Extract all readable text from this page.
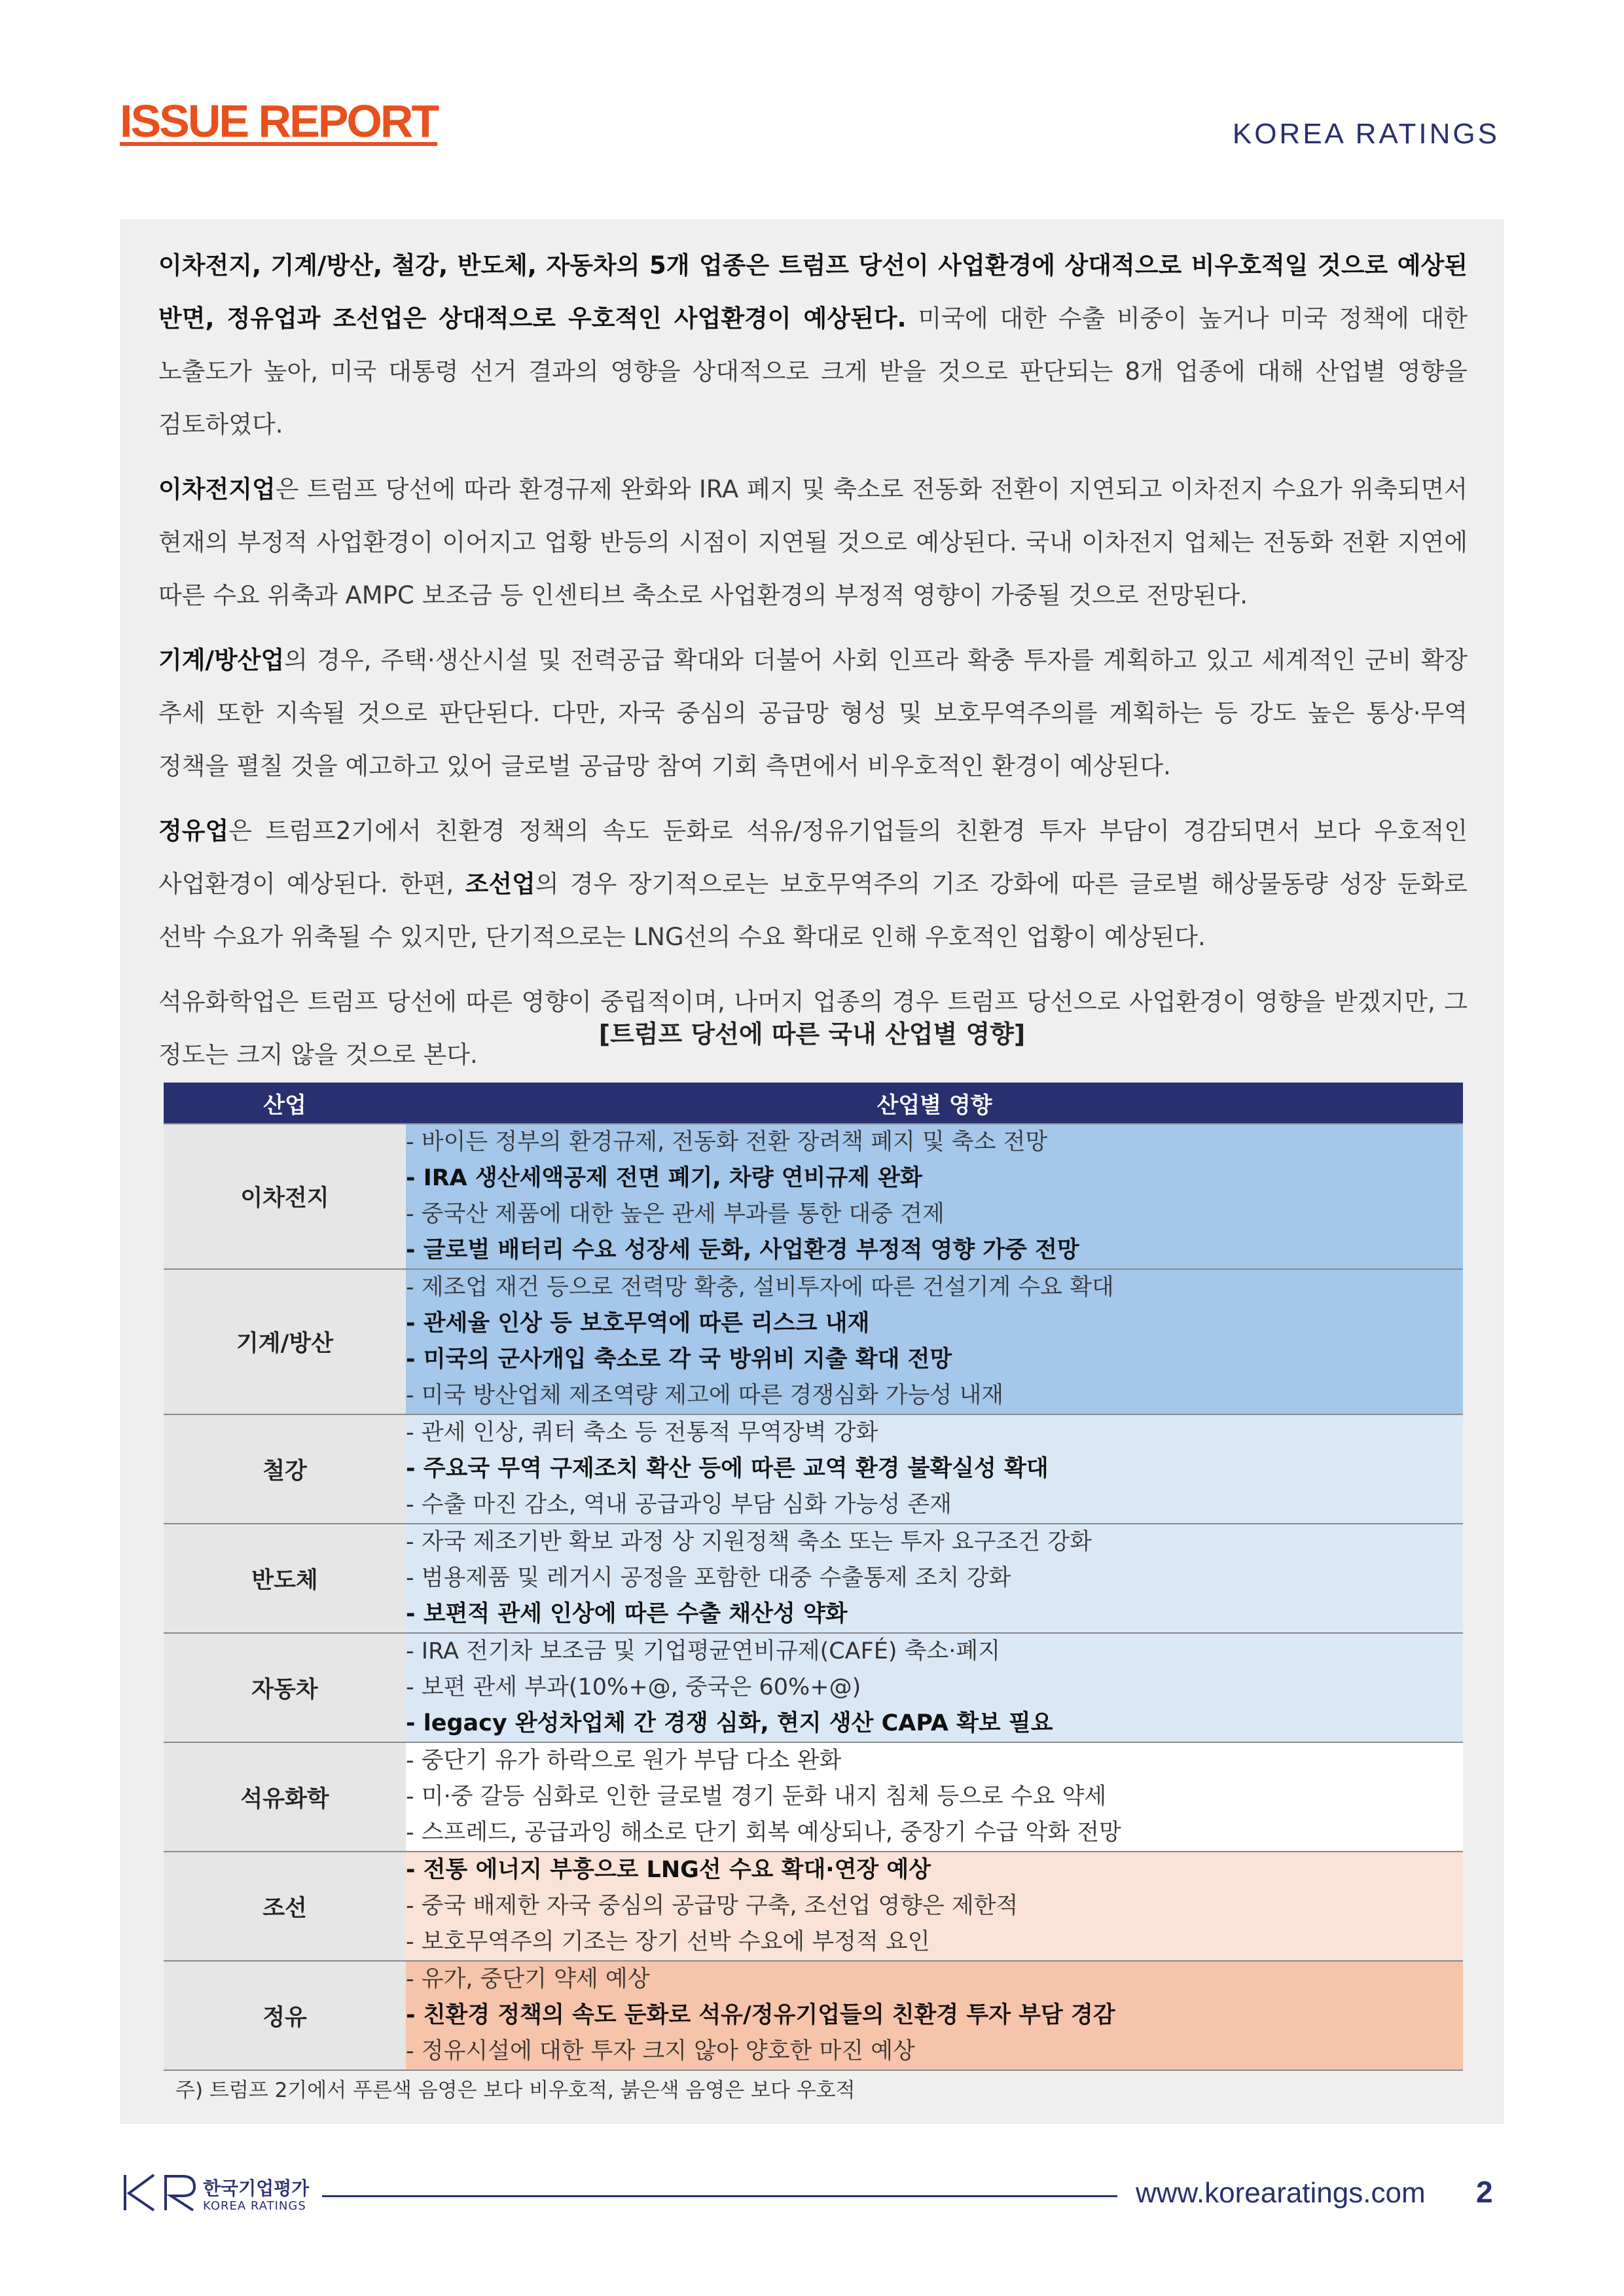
ISSUE REPORT	KOREA RATINGS

이차전지, 기계/방산, 철강, 반도체, 자동차의 5개 업종은 트럼프 당선이 사업환경에 상대적으로 비우호적일 것으로 예상된 반면, 정유업과 조선업은 상대적으로 우호적인 사업환경이 예상된다. 미국에 대한 수출 비중이 높거나 미국 정책에 대한 노출도가 높아, 미국 대통령 선거 결과의 영향을 상대적으로 크게 받을 것으로 판단되는 8개 업종에 대해 산업별 영향을 검토하였다.

이차전지업은 트럼프 당선에 따라 환경규제 완화와 IRA 폐지 및 축소로 전동화 전환이 지연되고 이차전지 수요가 위축되면서 현재의 부정적 사업환경이 이어지고 업황 반등의 시점이 지연될 것으로 예상된다. 국내 이차전지 업체는 전동화 전환 지연에 따른 수요 위축과 AMPC 보조금 등 인센티브 축소로 사업환경의 부정적 영향이 가중될 것으로 전망된다.

기계/방산업의 경우, 주택·생산시설 및 전력공급 확대와 더불어 사회 인프라 확충 투자를 계획하고 있고 세계적인 군비 확장 추세 또한 지속될 것으로 판단된다. 다만, 자국 중심의 공급망 형성 및 보호무역주의를 계획하는 등 강도 높은 통상·무역 정책을 펼칠 것을 예고하고 있어 글로벌 공급망 참여 기회 측면에서 비우호적인 환경이 예상된다.

정유업은 트럼프2기에서 친환경 정책의 속도 둔화로 석유/정유기업들의 친환경 투자 부담이 경감되면서 보다 우호적인 사업환경이 예상된다. 한편, 조선업의 경우 장기적으로는 보호무역주의 기조 강화에 따른 글로벌 해상물동량 성장 둔화로 선박 수요가 위축될 수 있지만, 단기적으로는 LNG선의 수요 확대로 인해 우호적인 업황이 예상된다.

석유화학업은 트럼프 당선에 따른 영향이 중립적이며, 나머지 업종의 경우 트럼프 당선으로 사업환경이 영향을 받겠지만, 그 정도는 크지 않을 것으로 본다.

[트럼프 당선에 따른 국내 산업별 영향]
산업	산업별 영향
이차전지	- 바이든 정부의 환경규제, 전동화 전환 장려책 폐지 및 축소 전망
- IRA 생산세액공제 전면 폐기, 차량 연비규제 완화
- 중국산 제품에 대한 높은 관세 부과를 통한 대중 견제
- 글로벌 배터리 수요 성장세 둔화, 사업환경 부정적 영향 가중 전망

기계/방산	- 제조업 재건 등으로 전력망 확충, 설비투자에 따른 건설기계 수요 확대
- 관세율 인상 등 보호무역에 따른 리스크 내재
- 미국의 군사개입 축소로 각 국 방위비 지출 확대 전망
- 미국 방산업체 제조역량 제고에 따른 경쟁심화 가능성 내재

철강	- 관세 인상, 쿼터 축소 등 전통적 무역장벽 강화
- 주요국 무역 구제조치 확산 등에 따른 교역 환경 불확실성 확대
- 수출 마진 감소, 역내 공급과잉 부담 심화 가능성 존재

반도체	- 자국 제조기반 확보 과정 상 지원정책 축소 또는 투자 요구조건 강화
- 범용제품 및 레거시 공정을 포함한 대중 수출통제 조치 강화
- 보편적 관세 인상에 따른 수출 채산성 약화

자동차	- IRA 전기차 보조금 및 기업평균연비규제(CAFÉ) 축소·폐지
- 보편 관세 부과(10%+@, 중국은 60%+@)
- legacy 완성차업체 간 경쟁 심화, 현지 생산 CAPA 확보 필요

석유화학	- 중단기 유가 하락으로 원가 부담 다소 완화
- 미·중 갈등 심화로 인한 글로벌 경기 둔화 내지 침체 등으로 수요 약세
- 스프레드, 공급과잉 해소로 단기 회복 예상되나, 중장기 수급 악화 전망

조선	- 전통 에너지 부흥으로 LNG선 수요 확대·연장 예상
- 중국 배제한 자국 중심의 공급망 구축, 조선업 영향은 제한적
- 보호무역주의 기조는 장기 선박 수요에 부정적 요인

정유	- 유가, 중단기 약세 예상
- 친환경 정책의 속도 둔화로 석유/정유기업들의 친환경 투자 부담 경감
- 정유시설에 대한 투자 크지 않아 양호한 마진 예상
주) 트럼프 2기에서 푸른색 음영은 보다 비우호적, 붉은색 음영은 보다 우호적
한국기업평가
KOREA RATINGS	www.korearatings.com 2
